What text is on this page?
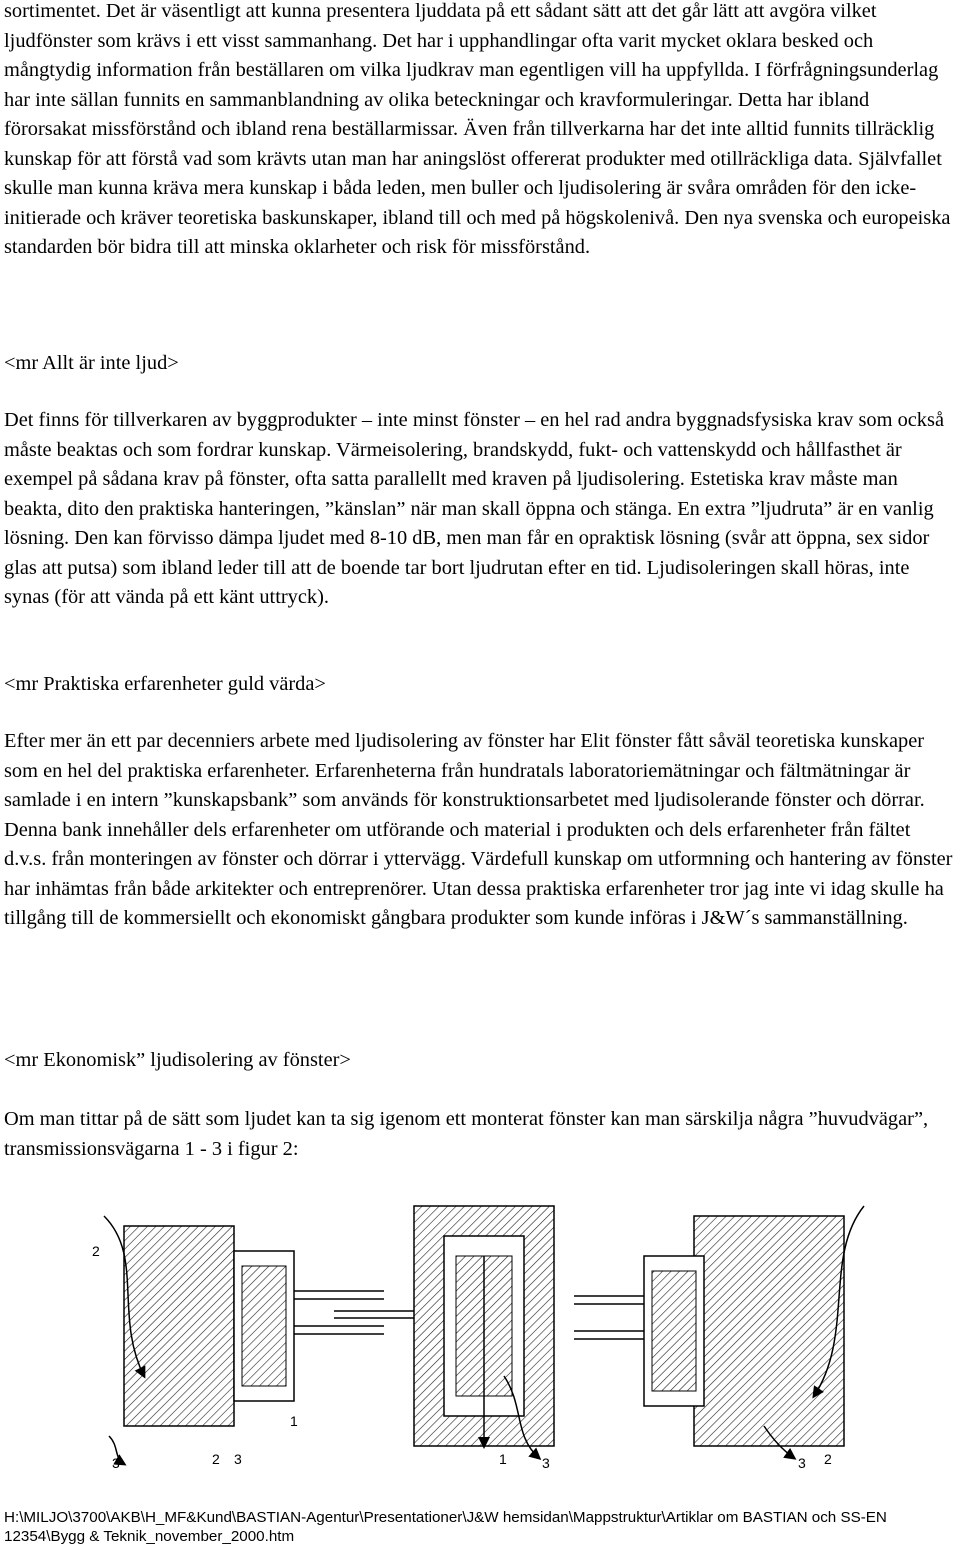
sortimentet. Det är väsentligt att kunna presentera ljuddata på ett sådant sätt att det går lätt att avgöra vilket ljudfönster som krävs i ett visst sammanhang. Det har i upphandlingar ofta varit mycket oklara besked och mångtydig information från beställaren om vilka ljudkrav man egentligen vill ha uppfyllda. I förfrågningsunderlag har inte sällan funnits en sammanblandning av olika beteckningar och kravformuleringar. Detta har ibland förorsakat missförstånd och ibland rena beställarmissar. Även från tillverkarna har det inte alltid funnits tillräcklig kunskap för att förstå vad som krävts utan man har aningslöst offererat produkter med otillräckliga data. Självfallet skulle man kunna kräva mera kunskap i båda leden, men buller och ljudisolering är svåra områden för den icke-initierade och kräver teoretiska baskunskaper, ibland till och med på högskolenivå. Den nya svenska och europeiska standarden bör bidra till att minska oklarheter och risk för missförstånd.

<mr Allt är inte ljud>

Det finns för tillverkaren av byggprodukter – inte minst fönster – en hel rad andra byggnadsfysiska krav som också måste beaktas och som fordrar kunskap. Värmeisolering, brandskydd, fukt- och vattenskydd och hållfasthet är exempel på sådana krav på fönster, ofta satta parallellt med kraven på ljudisolering. Estetiska krav måste man beakta, dito den praktiska hanteringen, ”känslan” när man skall öppna och stänga. En extra ”ljudruta” är en vanlig lösning. Den kan förvisso dämpa ljudet med 8-10 dB, men man får en opraktisk lösning (svår att öppna, sex sidor glas att putsa) som ibland leder till att de boende tar bort ljudrutan efter en tid. Ljudisoleringen skall höras, inte synas (för att vända på ett känt uttryck).

<mr Praktiska erfarenheter guld värda>

Efter mer än ett par decenniers arbete med ljudisolering av fönster har Elit fönster fått såväl teoretiska kunskaper som en hel del praktiska erfarenheter. Erfarenheterna från hundratals laboratoriemätningar och fältmätningar är samlade i en intern ”kunskapsbank” som används för konstruktionsarbetet med ljudisolerande fönster och dörrar. Denna bank innehåller dels erfarenheter om utförande och material i produkten och dels erfarenheter från fältet d.v.s. från monteringen av fönster och dörrar i yttervägg. Värdefull kunskap om utformning och hantering av fönster har inhämtas från både arkitekter och entreprenörer. Utan dessa praktiska erfarenheter tror jag inte vi idag skulle ha tillgång till de kommersiellt och ekonomiskt gångbara produkter som kunde införas i J&W´s sammanställning.

<mr Ekonomisk” ljudisolering av fönster>

Om man tittar på de sätt som ljudet kan ta sig igenom ett monterat fönster kan man särskilja några ”huvudvägar”, transmissionsvägarna 1 - 3 i figur 2:

2
3
1
2 3	3
1	2
3

H:\MILJO\3700\AKB\H_MF&Kund\BASTIAN-Agentur\Presentationer\J&W hemsidan\Mappstruktur\Artiklar om BASTIAN och SS-EN 12354\Bygg & Teknik_november_2000.htm
